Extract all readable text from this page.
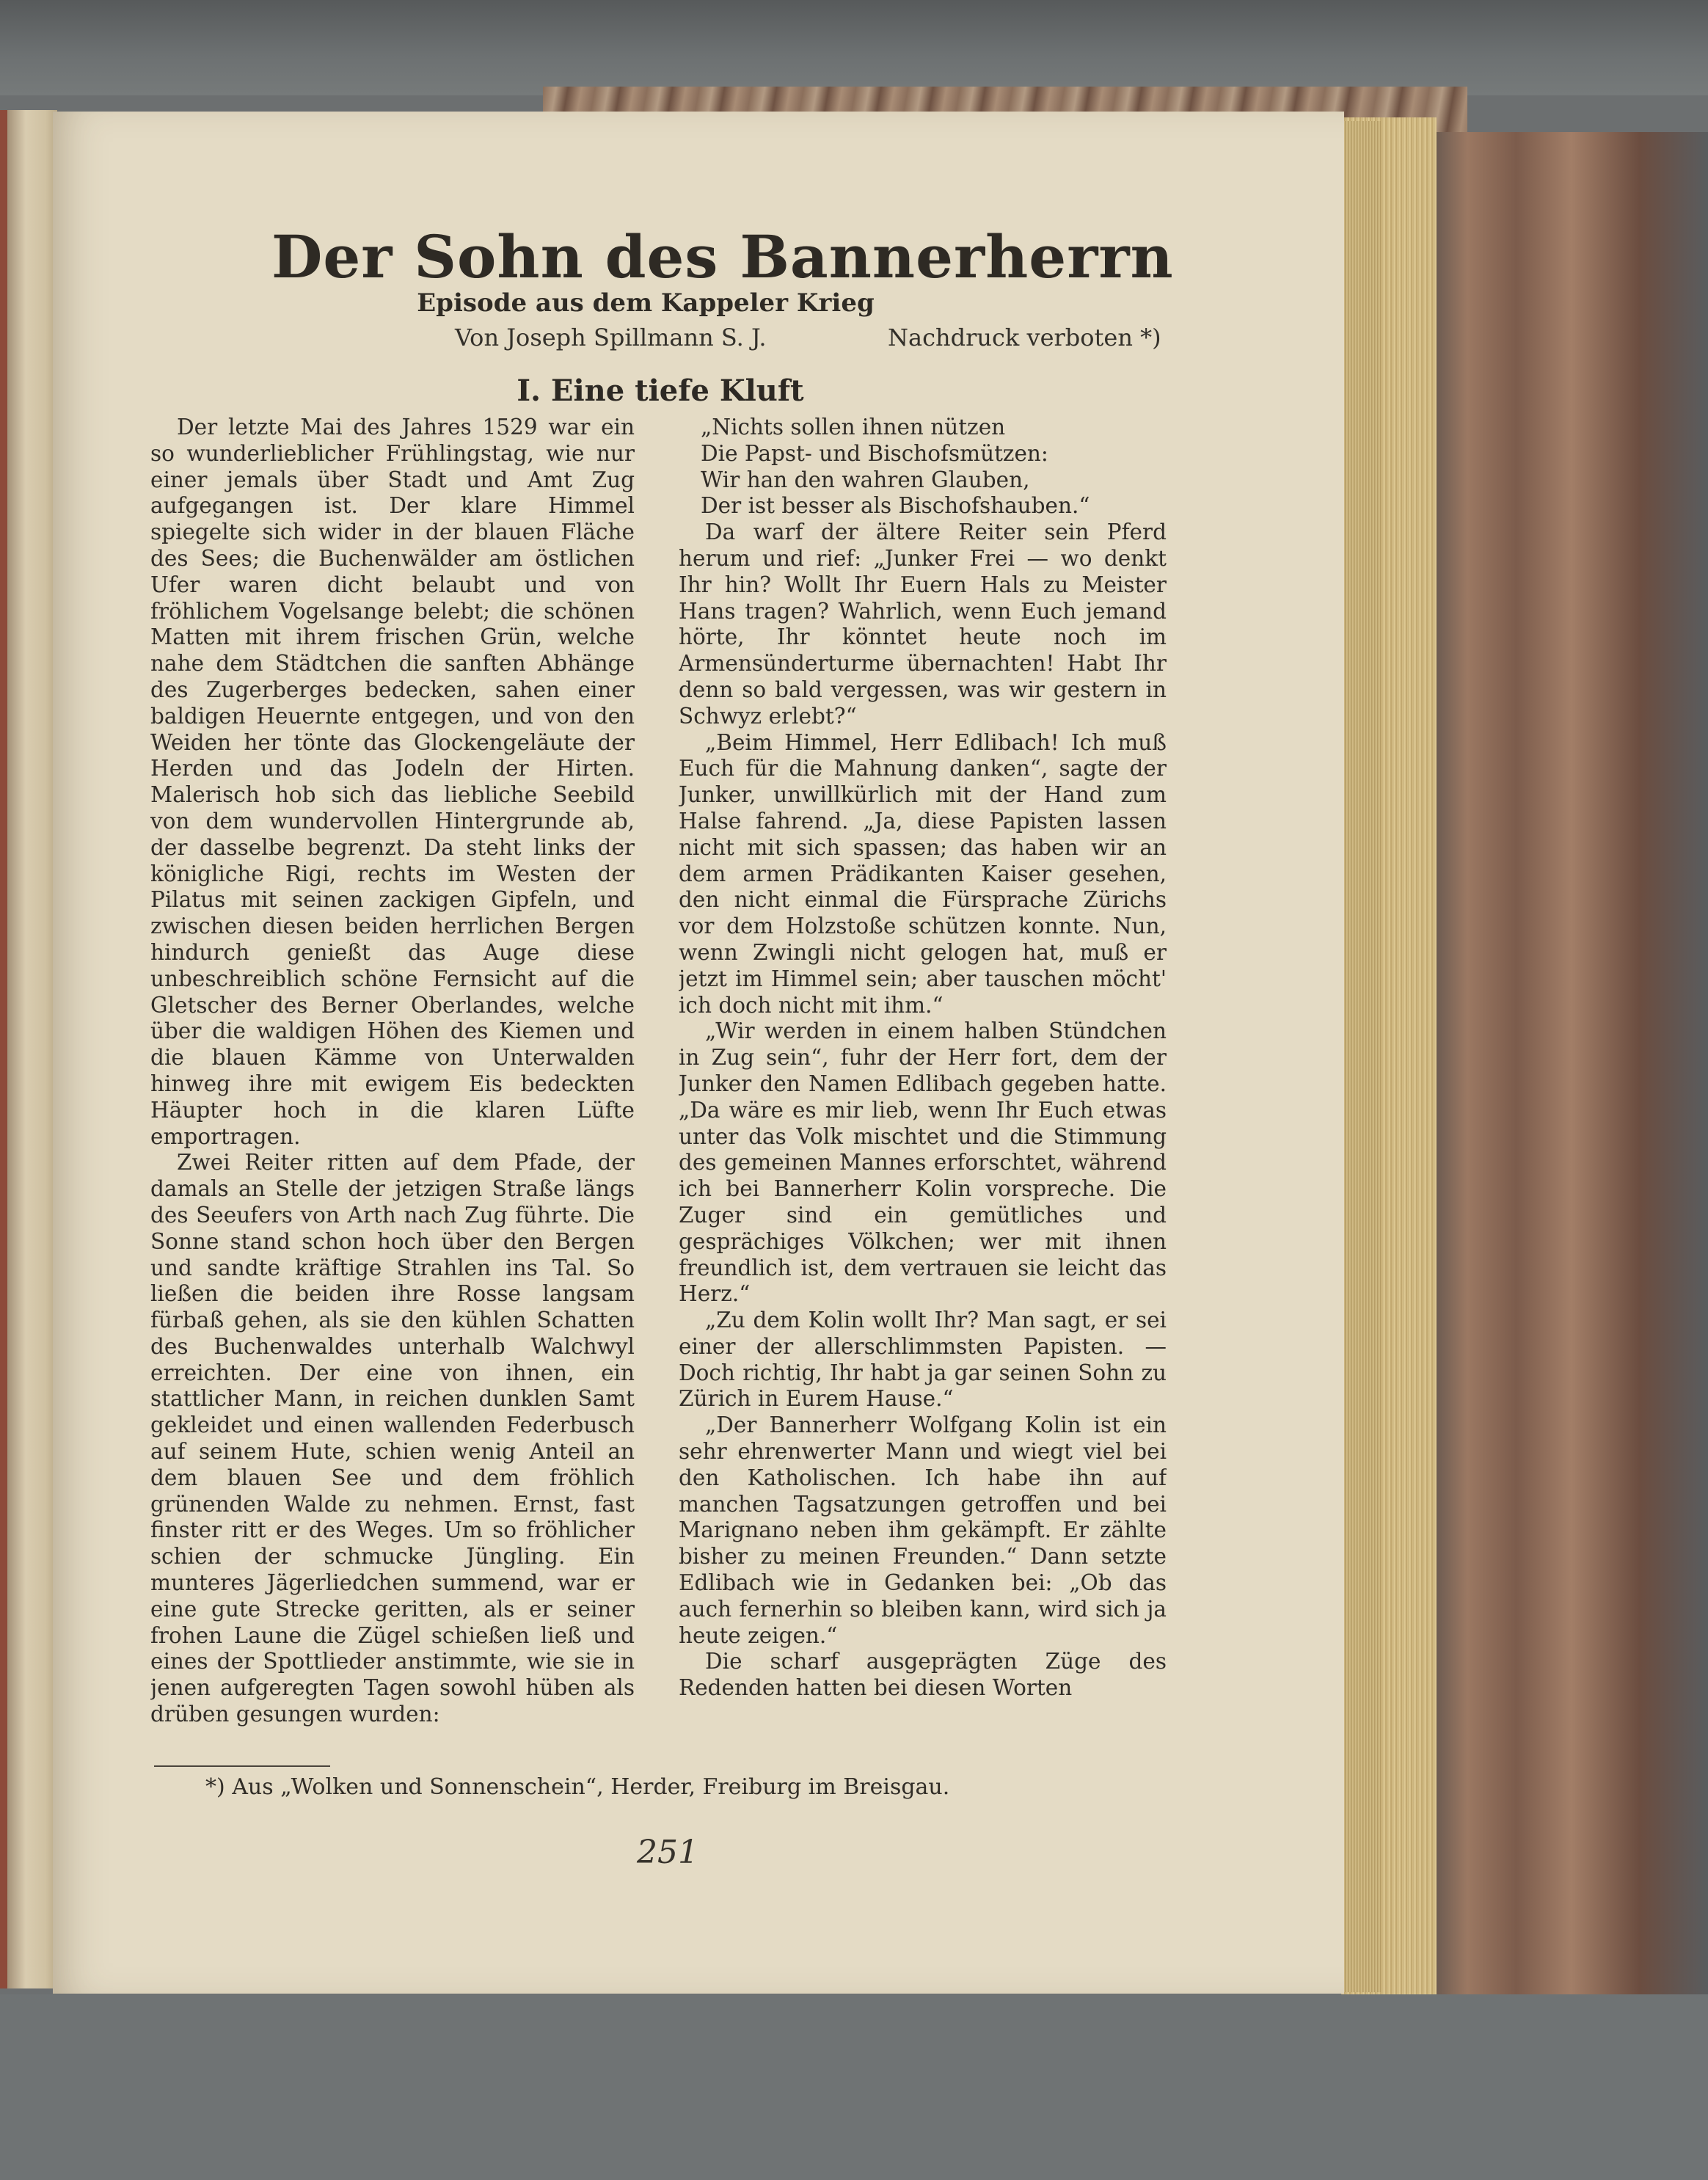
Der Sohn des Bannerherrn
Episode aus dem Kappeler Krieg
Von Joseph Spillmann S. J.	Nachdruck verboten *)
I. Eine tiefe Kluft

Der letzte Mai des Jahres 1529 war ein so wunderlieblicher Frühlingstag, wie nur einer jemals über Stadt und Amt Zug aufgegangen ist. Der klare Himmel spiegelte sich wider in der blauen Fläche des Sees; die Buchenwälder am östlichen Ufer waren dicht belaubt und von fröhlichem Vogelsange belebt; die schönen Matten mit ihrem frischen Grün, welche nahe dem Städtchen die sanften Abhänge des Zugerberges bedecken, sahen einer baldigen Heuernte entgegen, und von den Weiden her tönte das Glockengeläute der Herden und das Jodeln der Hirten. Malerisch hob sich das liebliche Seebild von dem wundervollen Hintergrunde ab, der dasselbe begrenzt. Da steht links der königliche Rigi, rechts im Westen der Pilatus mit seinen zackigen Gipfeln, und zwischen diesen beiden herrlichen Bergen hindurch genießt das Auge diese unbeschreiblich schöne Fernsicht auf die Gletscher des Berner Oberlandes, welche über die waldigen Höhen des Kiemen und die blauen Kämme von Unterwalden hinweg ihre mit ewigem Eis bedeckten Häupter hoch in die klaren Lüfte emportragen.

Zwei Reiter ritten auf dem Pfade, der damals an Stelle der jetzigen Straße längs des Seeufers von Arth nach Zug führte. Die Sonne stand schon hoch über den Bergen und sandte kräftige Strahlen ins Tal. So ließen die beiden ihre Rosse langsam fürbaß gehen, als sie den kühlen Schatten des Buchenwaldes unterhalb Walchwyl erreichten. Der eine von ihnen, ein stattlicher Mann, in reichen dunklen Samt gekleidet und einen wallenden Federbusch auf seinem Hute, schien wenig Anteil an dem blauen See und dem fröhlich grünenden Walde zu nehmen. Ernst, fast finster ritt er des Weges. Um so fröhlicher schien der schmucke Jüngling. Ein munteres Jägerliedchen summend, war er eine gute Strecke geritten, als er seiner frohen Laune die Zügel schießen ließ und eines der Spottlieder anstimmte, wie sie in jenen aufgeregten Tagen sowohl hüben als drüben gesungen wurden:

„Nichts sollen ihnen nützen
Die Papst- und Bischofsmützen:
Wir han den wahren Glauben,
Der ist besser als Bischofshauben.“

Da warf der ältere Reiter sein Pferd herum und rief: „Junker Frei — wo denkt Ihr hin? Wollt Ihr Euern Hals zu Meister Hans tragen? Wahrlich, wenn Euch jemand hörte, Ihr könntet heute noch im Armensünderturme übernachten! Habt Ihr denn so bald vergessen, was wir gestern in Schwyz erlebt?“

„Beim Himmel, Herr Edlibach! Ich muß Euch für die Mahnung danken“, sagte der Junker, unwillkürlich mit der Hand zum Halse fahrend. „Ja, diese Papisten lassen nicht mit sich spassen; das haben wir an dem armen Prädikanten Kaiser gesehen, den nicht einmal die Fürsprache Zürichs vor dem Holzstoße schützen konnte. Nun, wenn Zwingli nicht gelogen hat, muß er jetzt im Himmel sein; aber tauschen möcht' ich doch nicht mit ihm.“

„Wir werden in einem halben Stündchen in Zug sein“, fuhr der Herr fort, dem der Junker den Namen Edlibach gegeben hatte. „Da wäre es mir lieb, wenn Ihr Euch etwas unter das Volk mischtet und die Stimmung des gemeinen Mannes erforschtet, während ich bei Bannerherr Kolin vorspreche. Die Zuger sind ein gemütliches und gesprächiges Völkchen; wer mit ihnen freundlich ist, dem vertrauen sie leicht das Herz.“

„Zu dem Kolin wollt Ihr? Man sagt, er sei einer der allerschlimmsten Papisten. — Doch richtig, Ihr habt ja gar seinen Sohn zu Zürich in Eurem Hause.“

„Der Bannerherr Wolfgang Kolin ist ein sehr ehrenwerter Mann und wiegt viel bei den Katholischen. Ich habe ihn auf manchen Tagsatzungen getroffen und bei Marignano neben ihm gekämpft. Er zählte bisher zu meinen Freunden.“ Dann setzte Edlibach wie in Gedanken bei: „Ob das auch fernerhin so bleiben kann, wird sich ja heute zeigen.“

Die scharf ausgeprägten Züge des Redenden hatten bei diesen Worten

*) Aus „Wolken und Sonnenschein“, Herder, Freiburg im Breisgau.
251
